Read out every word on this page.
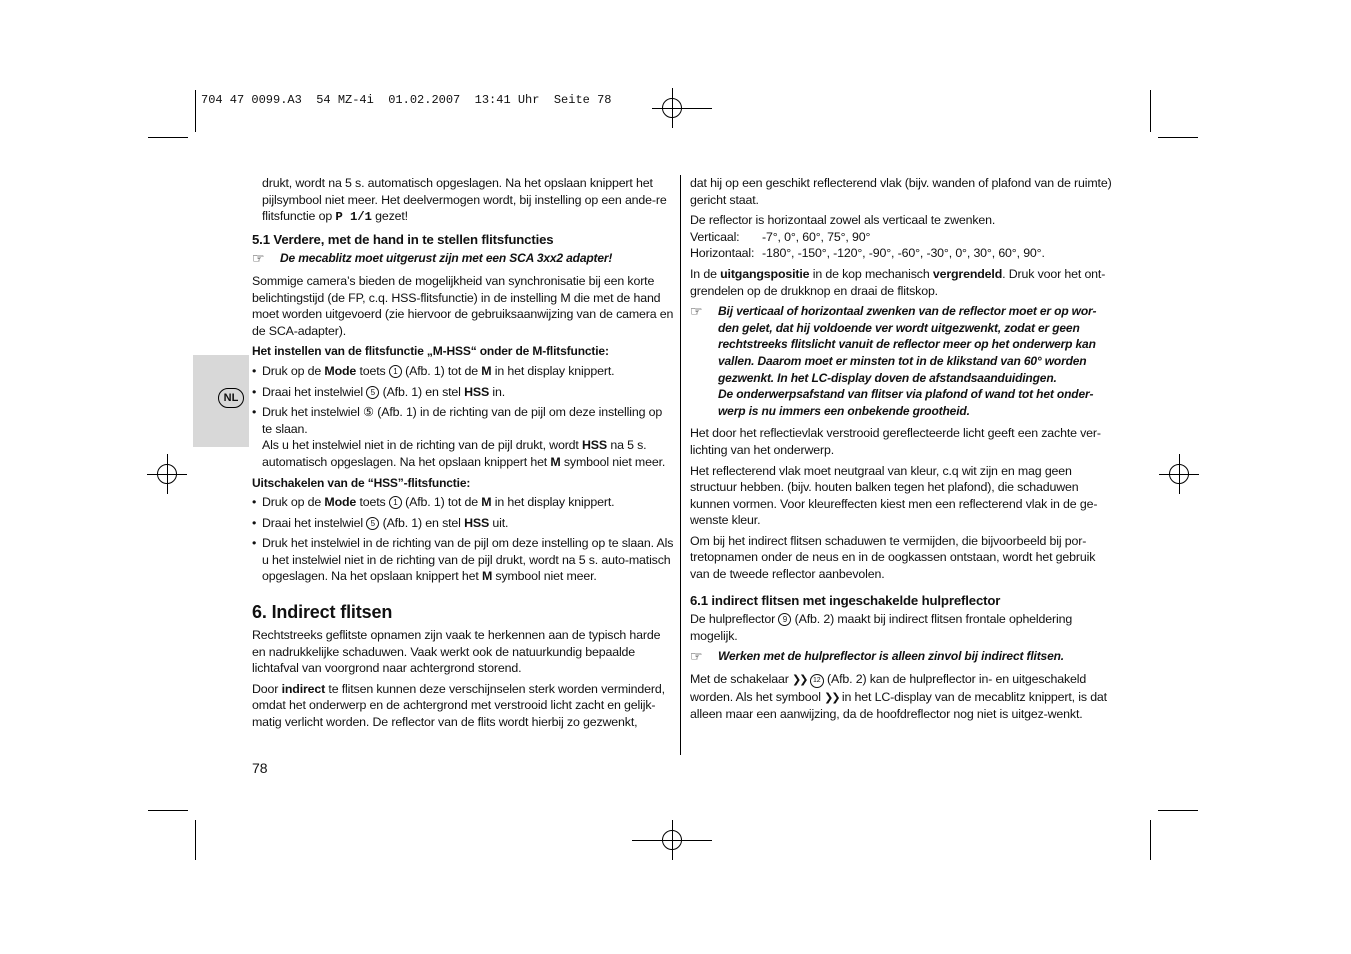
704 47 0099.A3  54 MZ-4i  01.02.2007  13:41 Uhr  Seite 78
NL

drukt, wordt na 5 s. automatisch opgeslagen. Na het opslaan knippert het pijlsymbool niet meer. Het deelvermogen wordt, bij instelling op een ande-re flitsfunctie op P 1/1 gezet!

5.1 Verdere, met de hand in te stellen flitsfuncties
☞	De mecablitz moet uitgerust zijn met een SCA 3xx2 adapter!

Sommige camera’s bieden de mogelijkheid van synchronisatie bij een korte belichtingstijd (de FP, c.q. HSS-flitsfunctie) in de instelling M die met de hand moet worden uitgevoerd (zie hiervoor de gebruiksaanwijzing van de camera en de SCA-adapter).

Het instellen van de flitsfunctie „M-HSS“ onder de M-flitsfunctie:
• Druk op de Mode toets 1 (Afb. 1) tot de M in het display knippert.
• Draai het instelwiel 5 (Afb. 1) en stel HSS in.
• Druk het instelwiel ⑤ (Afb. 1) in de richting van de pijl om deze instelling op te slaan.

Als u het instelwiel niet in de richting van de pijl drukt, wordt HSS na 5 s. automatisch opgeslagen. Na het opslaan knippert het M symbool niet meer.

Uitschakelen van de “HSS”-flitsfunctie:
• Druk op de Mode toets 1 (Afb. 1) tot de M in het display knippert.
• Draai het instelwiel 5 (Afb. 1) en stel HSS uit.
• Druk het instelwiel in de richting van de pijl om deze instelling op te slaan. Als u het instelwiel niet in de richting van de pijl drukt, wordt na 5 s. auto-matisch opgeslagen. Na het opslaan knippert het M symbool niet meer.
6. Indirect flitsen

Rechtstreeks geflitste opnamen zijn vaak te herkennen aan de typisch harde en nadrukkelijke schaduwen. Vaak werkt ook de natuurkundig bepaalde lichtafval van voorgrond naar achtergrond storend.

Door indirect te flitsen kunnen deze verschijnselen sterk worden verminderd, omdat het onderwerp en de achtergrond met verstrooid licht zacht en gelijk-matig verlicht worden. De reflector van de flits wordt hierbij zo gezwenkt,

78

dat hij op een geschikt reflecterend vlak (bijv. wanden of plafond van de ruimte) gericht staat.

De reflector is horizontaal zowel als verticaal te zwenken.

Verticaal: -7°, 0°, 60°, 75°, 90°

Horizontaal: -180°, -150°, -120°, -90°, -60°, -30°, 0°, 30°, 60°, 90°.

In de uitgangspositie in de kop mechanisch vergrendeld. Druk voor het ont-grendelen op de drukknop en draai de flitskop.

☞	Bij verticaal of horizontaal zwenken van de reflector moet er op wor-den gelet, dat hij voldoende ver wordt uitgezwenkt, zodat er geen rechtstreeks flitslicht vanuit de reflector meer op het onderwerp kan vallen. Daarom moet er minsten tot in de klikstand van 60° worden gezwenkt. In het LC-display doven de afstandsaanduidingen.
De onderwerpsafstand van flitser via plafond of wand tot het onder-werp is nu immers een onbekende grootheid.

Het door het reflectievlak verstrooid gereflecteerde licht geeft een zachte ver-lichting van het onderwerp.

Het reflecterend vlak moet neutgraal van kleur, c.q wit zijn en mag geen structuur hebben. (bijv. houten balken tegen het plafond), die schaduwen kunnen vormen. Voor kleureffecten kiest men een reflecterend vlak in de ge-wenste kleur.

Om bij het indirect flitsen schaduwen te vermijden, die bijvoorbeeld bij por-tretopnamen onder de neus en in de oogkassen ontstaan, wordt het gebruik van de tweede reflector aanbevolen.

6.1 indirect flitsen met ingeschakelde hulpreflector

De hulpreflector 9 (Afb. 2) maakt bij indirect flitsen frontale opheldering mogelijk.

☞	Werken met de hulpreflector is alleen zinvol bij indirect flitsen.

Met de schakelaar ❯❯ 12 (Afb. 2) kan de hulpreflector in- en uitgeschakeld worden. Als het symbool ❯❯ in het LC-display van de mecablitz knippert, is dat alleen maar een aanwijzing, da de hoofdreflector nog niet is uitgez-wenkt.
